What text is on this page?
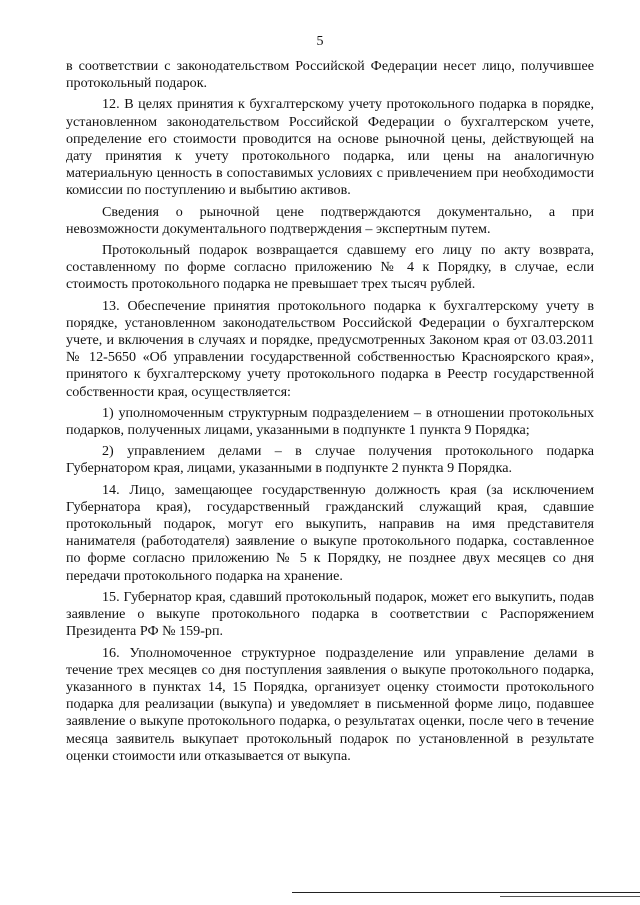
5

в соответствии с законодательством Российской Федерации несет лицо, получившее протокольный подарок.

12. В целях принятия к бухгалтерскому учету протокольного подарка в порядке, установленном законодательством Российской Федерации о бухгалтерском учете, определение его стоимости проводится на основе рыночной цены, действующей на дату принятия к учету протокольного подарка, или цены на аналогичную материальную ценность в сопоставимых условиях с привлечением при необходимости комиссии по поступлению и выбытию активов.

Сведения о рыночной цене подтверждаются документально, а при невозможности документального подтверждения – экспертным путем.

Протокольный подарок возвращается сдавшему его лицу по акту возврата, составленному по форме согласно приложению № 4 к Порядку, в случае, если стоимость протокольного подарка не превышает трех тысяч рублей.

13. Обеспечение принятия протокольного подарка к бухгалтерскому учету в порядке, установленном законодательством Российской Федерации о бухгалтерском учете, и включения в случаях и порядке, предусмотренных Законом края от 03.03.2011 № 12-5650 «Об управлении государственной собственностью Красноярского края», принятого к бухгалтерскому учету протокольного подарка в Реестр государственной собственности края, осуществляется:

1) уполномоченным структурным подразделением – в отношении протокольных подарков, полученных лицами, указанными в подпункте 1 пункта 9 Порядка;

2) управлением делами – в случае получения протокольного подарка Губернатором края, лицами, указанными в подпункте 2 пункта 9 Порядка.

14. Лицо, замещающее государственную должность края (за исключением Губернатора края), государственный гражданский служащий края, сдавшие протокольный подарок, могут его выкупить, направив на имя представителя нанимателя (работодателя) заявление о выкупе протокольного подарка, составленное по форме согласно приложению № 5 к Порядку, не позднее двух месяцев со дня передачи протокольного подарка на хранение.

15. Губернатор края, сдавший протокольный подарок, может его выкупить, подав заявление о выкупе протокольного подарка в соответствии с Распоряжением Президента РФ № 159-рп.

16. Уполномоченное структурное подразделение или управление делами в течение трех месяцев со дня поступления заявления о выкупе протокольного подарка, указанного в пунктах 14, 15 Порядка, организует оценку стоимости протокольного подарка для реализации (выкупа) и уведомляет в письменной форме лицо, подавшее заявление о выкупе протокольного подарка, о результатах оценки, после чего в течение месяца заявитель выкупает протокольный подарок по установленной в результате оценки стоимости или отказывается от выкупа.
